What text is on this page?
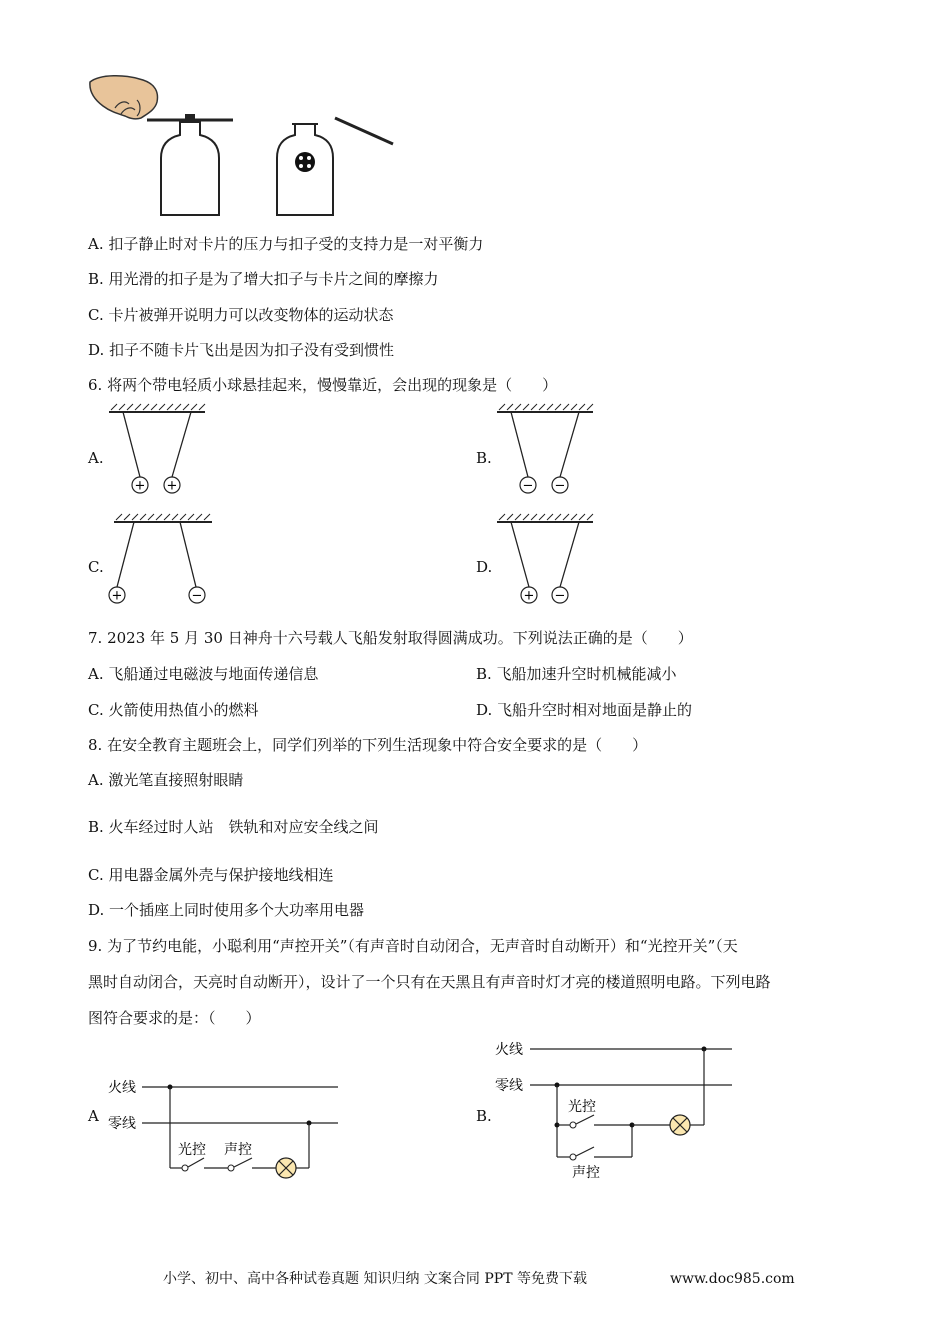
A. 扣子静止时对卡片的压力与扣子受的支持力是一对平衡力
B. 用光滑的扣子是为了增大扣子与卡片之间的摩擦力
C. 卡片被弹开说明力可以改变物体的运动状态
D. 扣子不随卡片飞出是因为扣子没有受到惯性
6. 将两个带电轻质小球悬挂起来，慢慢靠近，会出现的现象是（　　）
A.
+ +
B.
− −
C.
+	−
D.
+ −
7. 2023 年 5 月 30 日神舟十六号载人飞船发射取得圆满成功。下列说法正确的是（　　）
A. 飞船通过电磁波与地面传递信息	B. 飞船加速升空时机械能减小
C. 火箭使用热值小的燃料	D. 飞船升空时相对地面是静止的
8. 在安全教育主题班会上，同学们列举的下列生活现象中符合安全要求的是（　　）
A. 激光笔直接照射眼睛
B. 火车经过时人站　铁轨和对应安全线之间
C. 用电器金属外壳与保护接地线相连
D. 一个插座上同时使用多个大功率用电器
9. 为了节约电能，小聪利用“声控开关”（有声音时自动闭合，无声音时自动断开）和“光控开关”（天
黑时自动闭合，天亮时自动断开），设计了一个只有在天黑且有声音时灯才亮的楼道照明电路。下列电路
图符合要求的是：（　　）
A
火线
零线
光控 声控
B.
火线
零线
光控
声控
小学、初中、高中各种试卷真题 知识归纳 文案合同 PPT 等免费下载	www.doc985.com
